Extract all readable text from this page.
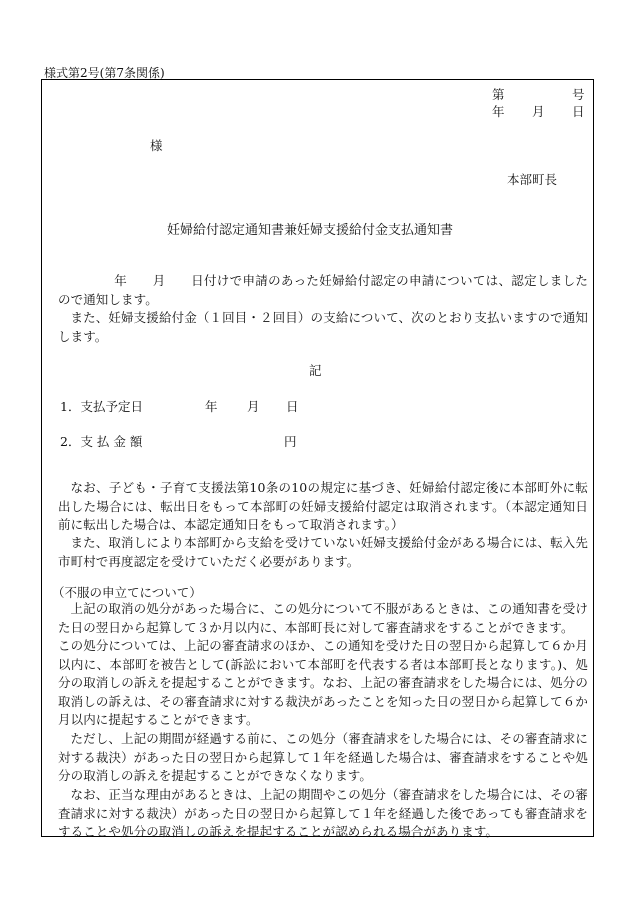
様式第2号(第7条関係)
第	号
年 月 日
様
本部町長
妊婦給付認定通知書兼妊婦支援給付金支払通知書
年　　月　　日付けで申請のあった妊婦給付認定の申請については、認定しましたので通知します。
また、妊婦支援給付金（１回目・２回目）の支給について、次のとおり支払いますので通知します。
記
1．支払予定日	年 月 日
2．支 払 金 額	円
なお、子ども・子育て支援法第10条の10の規定に基づき、妊婦給付認定後に本部町外に転出した場合には、転出日をもって本部町の妊婦支援給付認定は取消されます。（本認定通知日前に転出した場合は、本認定通知日をもって取消されます。）
また、取消しにより本部町から支給を受けていない妊婦支援給付金がある場合には、転入先市町村で再度認定を受けていただく必要があります。
（不服の申立てについて）
上記の取消の処分があった場合に、この処分について不服があるときは、この通知書を受けた日の翌日から起算して３か月以内に、本部町長に対して審査請求をすることができます。
この処分については、上記の審査請求のほか、この通知を受けた日の翌日から起算して６か月以内に、本部町を被告として(訴訟において本部町を代表する者は本部町長となります。)、処分の取消しの訴えを提起することができます。なお、上記の審査請求をした場合には、処分の取消しの訴えは、その審査請求に対する裁決があったことを知った日の翌日から起算して６か月以内に提起することができます。
ただし、上記の期間が経過する前に、この処分（審査請求をした場合には、その審査請求に対する裁決）があった日の翌日から起算して１年を経過した場合は、審査請求をすることや処分の取消しの訴えを提起することができなくなります。
なお、正当な理由があるときは、上記の期間やこの処分（審査請求をした場合には、その審査請求に対する裁決）があった日の翌日から起算して１年を経過した後であっても審査請求をすることや処分の取消しの訴えを提起することが認められる場合があります。
